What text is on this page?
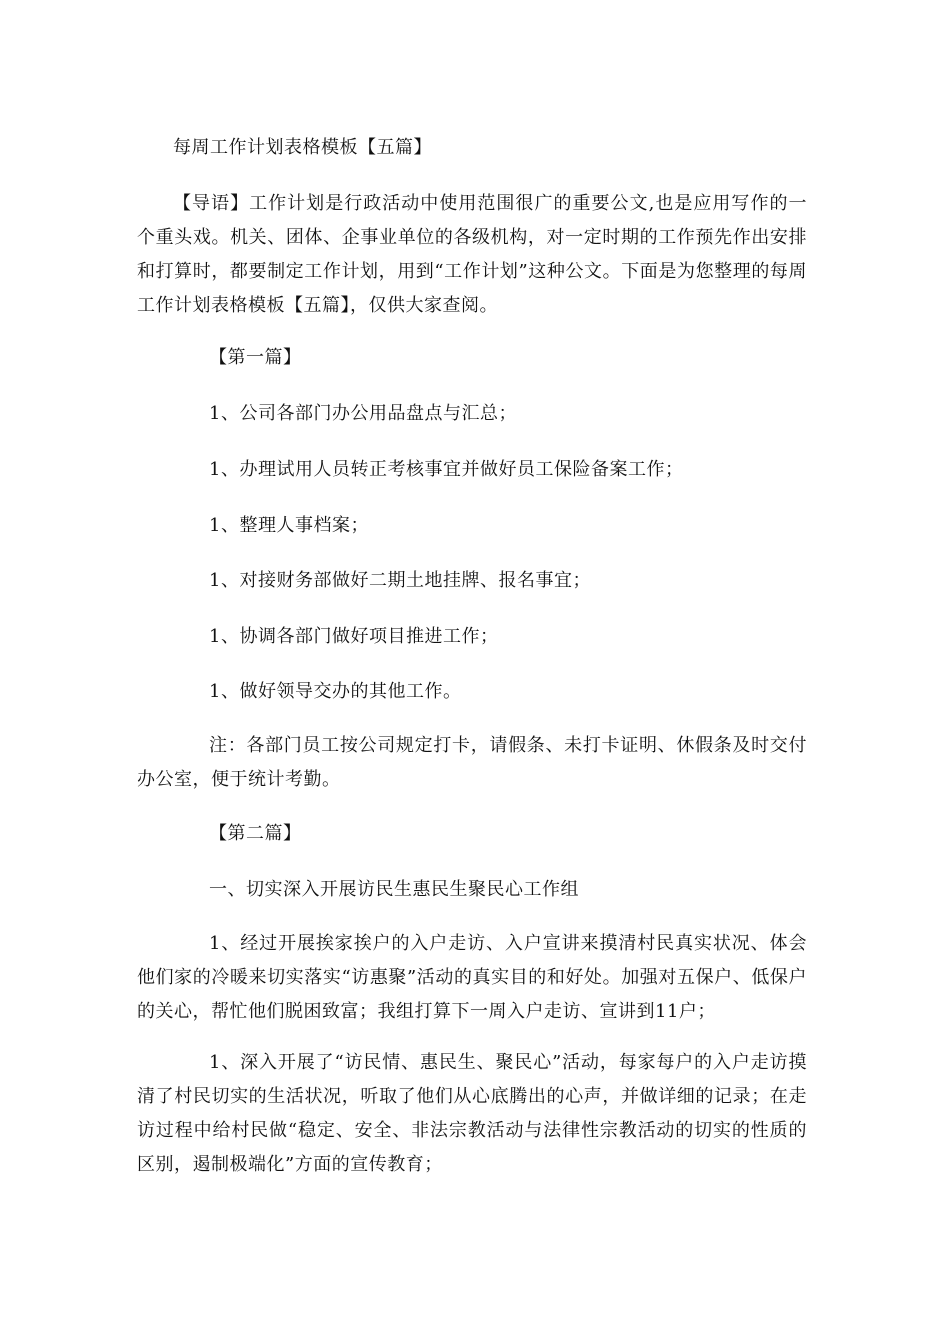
每周工作计划表格模板【五篇】
【导语】工作计划是行政活动中使用范围很广的重要公文,也是应用写作的一个重头戏。机关、团体、企事业单位的各级机构，对一定时期的工作预先作出安排和打算时，都要制定工作计划，用到“工作计划”这种公文。下面是为您整理的每周工作计划表格模板【五篇】，仅供大家查阅。
【第一篇】
1、公司各部门办公用品盘点与汇总；
1、办理试用人员转正考核事宜并做好员工保险备案工作；
1、整理人事档案；
1、对接财务部做好二期土地挂牌、报名事宜；
1、协调各部门做好项目推进工作；
1、做好领导交办的其他工作。
注：各部门员工按公司规定打卡，请假条、未打卡证明、休假条及时交付办公室，便于统计考勤。
【第二篇】
一、切实深入开展访民生惠民生聚民心工作组
1、经过开展挨家挨户的入户走访、入户宣讲来摸清村民真实状况、体会他们家的冷暖来切实落实“访惠聚”活动的真实目的和好处。加强对五保户、低保户的关心，帮忙他们脱困致富；我组打算下一周入户走访、宣讲到11户；
1、深入开展了“访民情、惠民生、聚民心”活动，每家每户的入户走访摸清了村民切实的生活状况，听取了他们从心底腾出的心声，并做详细的记录；在走访过程中给村民做“稳定、安全、非法宗教活动与法律性宗教活动的切实的性质的区别，遏制极端化”方面的宣传教育；
